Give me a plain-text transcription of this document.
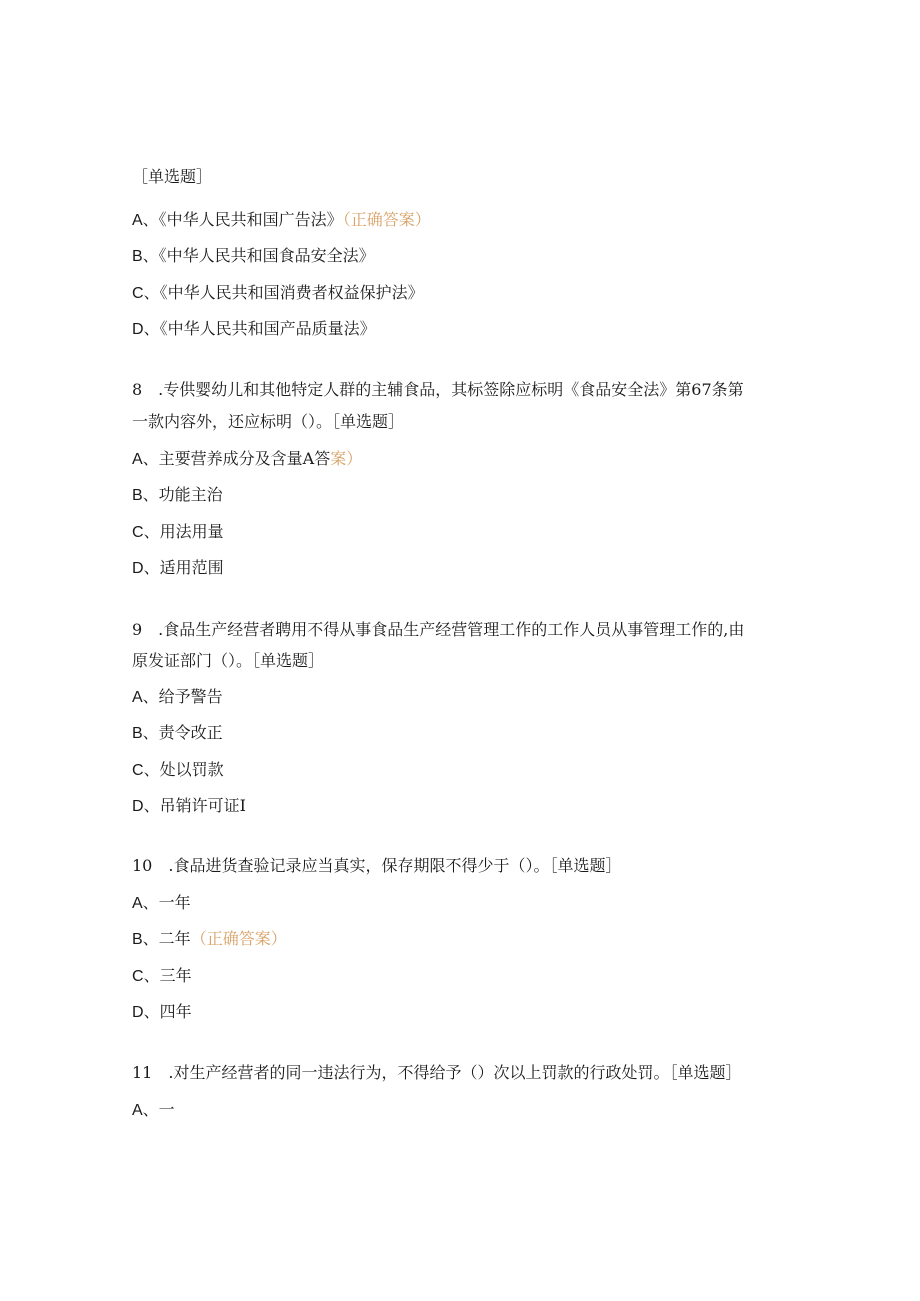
［单选题］
A、《中华人民共和国广告法》（正确答案）
B、《中华人民共和国食品安全法》
C、《中华人民共和国消费者权益保护法》
D、《中华人民共和国产品质量法》
8 .专供婴幼儿和其他特定人群的主辅食品，其标签除应标明《食品安全法》第67条第
一款内容外，还应标明（）。［单选题］
A、主要营养成分及含量A答案）
B、功能主治
C、用法用量
D、适用范围
9 .食品生产经营者聘用不得从事食品生产经营管理工作的工作人员从事管理工作的,由
原发证部门（）。［单选题］
A、给予警告
B、责令改正
C、处以罚款
D、吊销许可证I
10 .食品进货查验记录应当真实，保存期限不得少于（）。［单选题］
A、一年
B、二年（正确答案）
C、三年
D、四年
11 .对生产经营者的同一违法行为，不得给予（）次以上罚款的行政处罚。［单选题］
A、一
